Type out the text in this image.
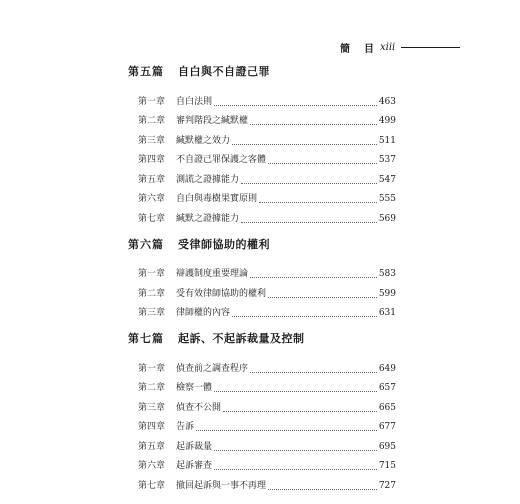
簡　目 xiii
第五篇 自白與不自證己罪
第一章	自白法則	463
第二章	審判階段之緘默權	499
第三章	緘默權之效力	511
第四章	不自證己罪保護之客體	537
第五章	測謊之證據能力	547
第六章	自白與毒樹果實原則	555
第七章	緘默之證據能力	569
第六篇 受律師協助的權利
第一章	辯護制度重要理論	583
第二章	受有效律師協助的權利	599
第三章	律師權的內容	631
第七篇 起訴、不起訴裁量及控制
第一章	偵查前之調查程序	649
第二章	檢察一體	657
第三章	偵查不公開	665
第四章	告訴	677
第五章	起訴裁量	695
第六章	起訴審查	715
第七章	撤回起訴與一事不再理	727
